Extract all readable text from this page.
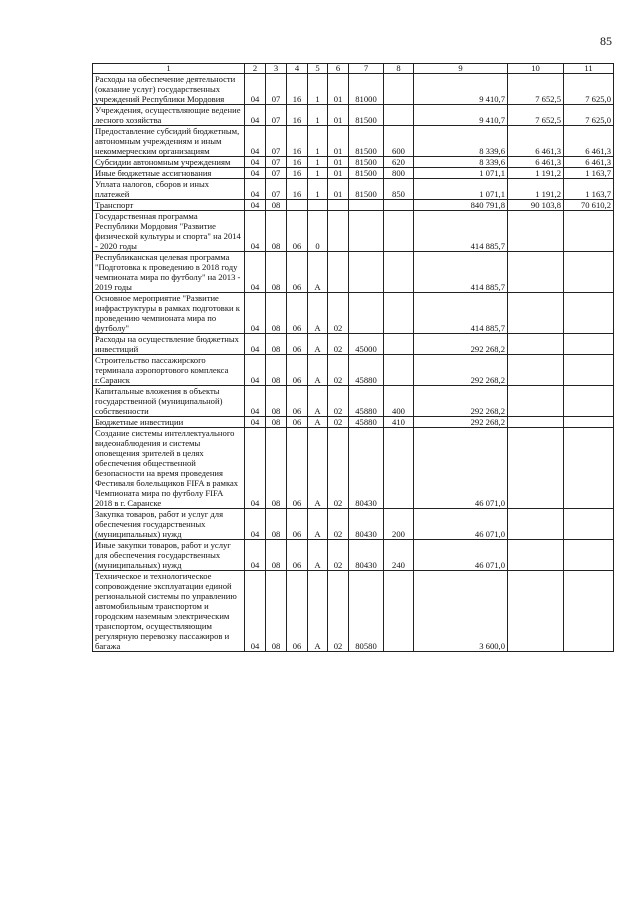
85
1	2	3	4	5	6	7	8	9	10	11
Расходы на обеспечение деятельности (оказание услуг) государственных учреждений Республики Мордовия	04	07	16	1	01	81000		9 410,7	7 652,5	7 625,0
Учреждения, осуществляющие ведение лесного хозяйства	04	07	16	1	01	81500		9 410,7	7 652,5	7 625,0
Предоставление субсидий бюджетным, автономным учреждениям и иным некоммерческим организациям	04	07	16	1	01	81500	600	8 339,6	6 461,3	6 461,3
Субсидии автономным учреждениям	04	07	16	1	01	81500	620	8 339,6	6 461,3	6 461,3
Иные бюджетные ассигнования	04	07	16	1	01	81500	800	1 071,1	1 191,2	1 163,7
Уплата налогов, сборов и иных платежей	04	07	16	1	01	81500	850	1 071,1	1 191,2	1 163,7
Транспорт	04	08						840 791,8	90 103,8	70 610,2
Государственная программа Республики Мордовия "Развитие физической культуры и спорта" на 2014 - 2020 годы	04	08	06	0				414 885,7		
Республиканская целевая программа "Подготовка к проведению в 2018 году чемпионата мира по футболу" на 2013 - 2019 годы	04	08	06	А				414 885,7		
Основное мероприятие "Развитие инфраструктуры в рамках подготовки к проведению чемпионата мира по футболу"	04	08	06	А	02			414 885,7		
Расходы на осуществление бюджетных инвестиций	04	08	06	А	02	45000		292 268,2		
Строительство пассажирского терминала аэропортового комплекса г.Саранск	04	08	06	А	02	45880		292 268,2		
Капитальные вложения в объекты государственной (муниципальной) собственности	04	08	06	А	02	45880	400	292 268,2		
Бюджетные инвестиции	04	08	06	А	02	45880	410	292 268,2		
Создание системы интеллектуального видеонаблюдения и системы оповещения зрителей в целях обеспечения общественной безопасности на время проведения Фестиваля болельщиков FIFA в рамках Чемпионата мира по футболу FIFA 2018 в г. Саранске	04	08	06	А	02	80430		46 071,0		
Закупка товаров, работ и услуг для обеспечения государственных (муниципальных) нужд	04	08	06	А	02	80430	200	46 071,0		
Иные закупки товаров, работ и услуг для обеспечения государственных (муниципальных) нужд	04	08	06	А	02	80430	240	46 071,0		
Техническое и технологическое сопровождение эксплуатации единой региональной системы по управлению автомобильным транспортом и городским наземным электрическим транспортом, осуществляющим регулярную перевозку пассажиров и багажа	04	08	06	А	02	80580		3 600,0		
